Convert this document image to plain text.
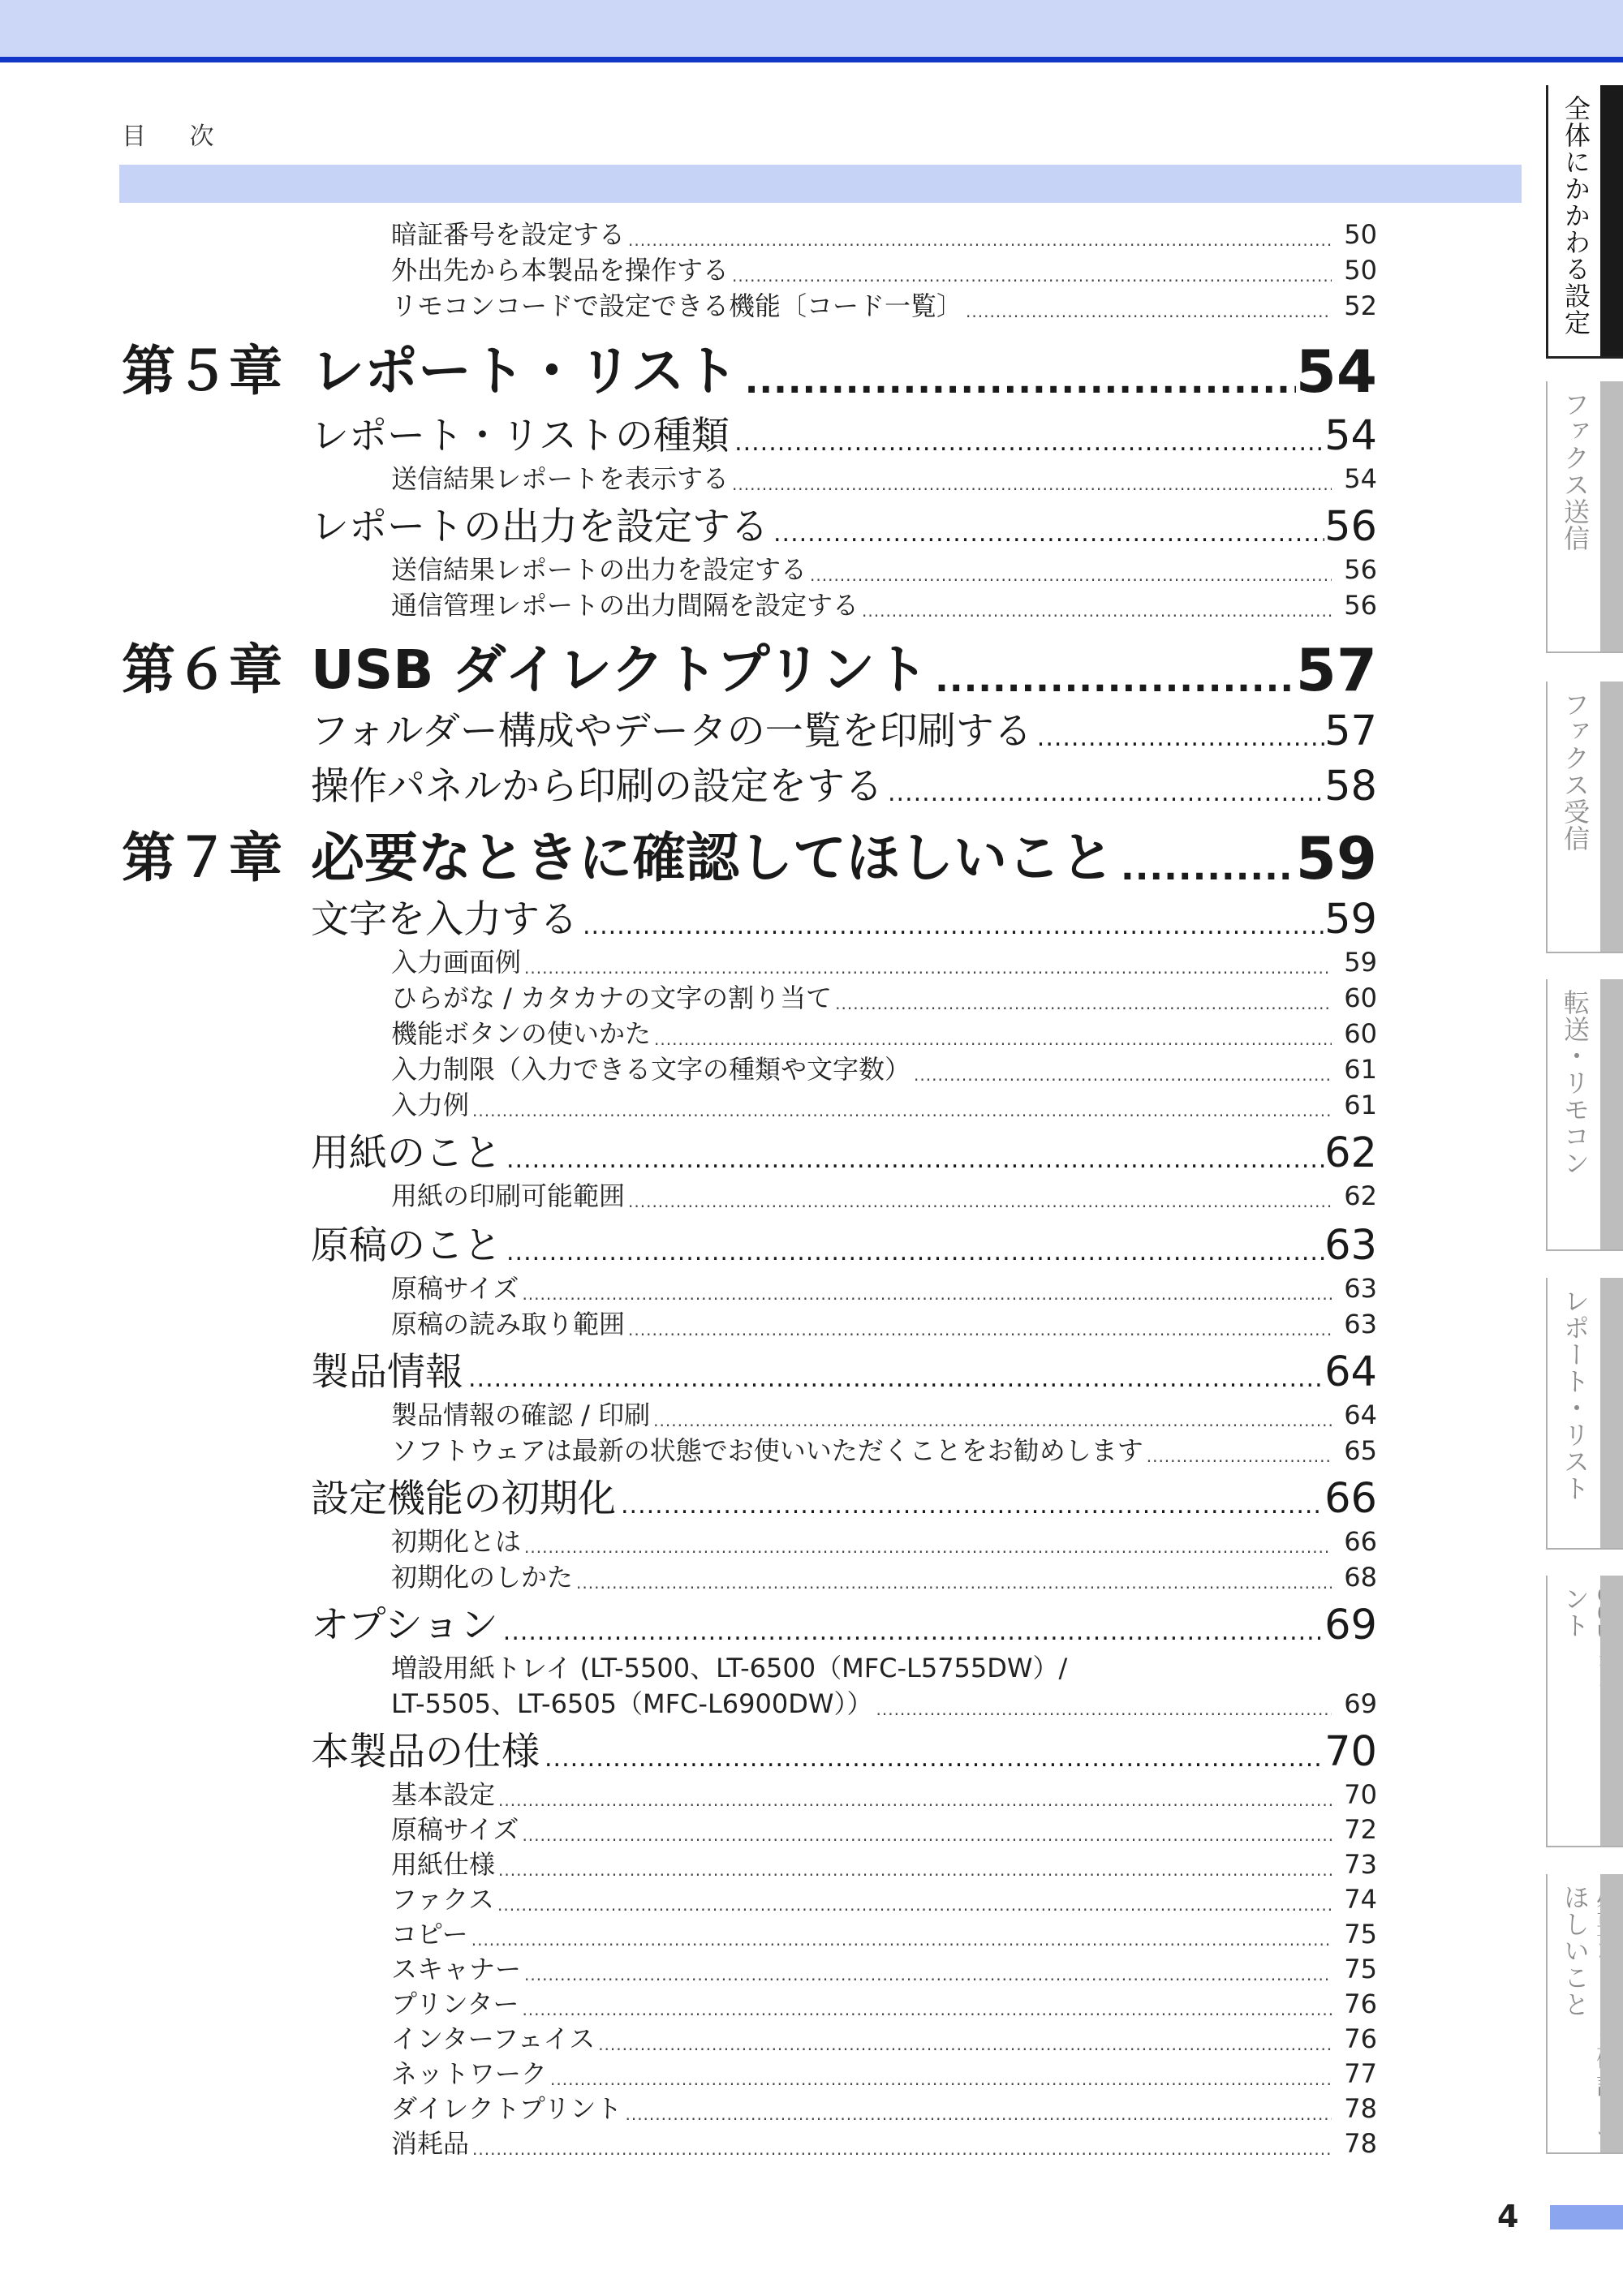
目 次
暗証番号を設定する .....	50
外出先から本製品を操作する .....	50
リモコンコードで設定できる機能〔コード一覧〕 .....	52
第５章 レポート・リスト .....	54
レポート・リストの種類 .....	54
送信結果レポートを表示する .....	54
レポートの出力を設定する .....	56
送信結果レポートの出力を設定する .....	56
通信管理レポートの出力間隔を設定する .....	56
第６章 USB ダイレクトプリント .....	57
フォルダー構成やデータの一覧を印刷する .....	57
操作パネルから印刷の設定をする .....	58
第７章 必要なときに確認してほしいこと .....	59
文字を入力する .....	59
入力画面例 .....	59
ひらがな / カタカナの文字の割り当て .....	60
機能ボタンの使いかた .....	60
入力制限（入力できる文字の種類や文字数） .....	61
入力例 .....	61
用紙のこと .....	62
用紙の印刷可能範囲 .....	62
原稿のこと .....	63
原稿サイズ .....	63
原稿の読み取り範囲 .....	63
製品情報 .....	64
製品情報の確認 / 印刷 .....	64
ソフトウェアは最新の状態でお使いいただくことをお勧めします .....	65
設定機能の初期化 .....	66
初期化とは .....	66
初期化のしかた .....	68
オプション .....	69
増設用紙トレイ (LT-5500、LT-6500（MFC-L5755DW）/
LT-5505、LT-6505（MFC-L6900DW）） .....	69
本製品の仕様 .....	70
基本設定 .....	70
原稿サイズ .....	72
用紙仕様 .....	73
ファクス .....	74
コピー .....	75
スキャナー .....	75
プリンター .....	76
インターフェイス .....	76
ネットワーク .....	77
ダイレクトプリント .....	78
消耗品 .....	78
全体にかかわる設定
ファクス送信
ファクス受信
転送・リモコン
レポート・リスト
ント
ほしいこと
4
